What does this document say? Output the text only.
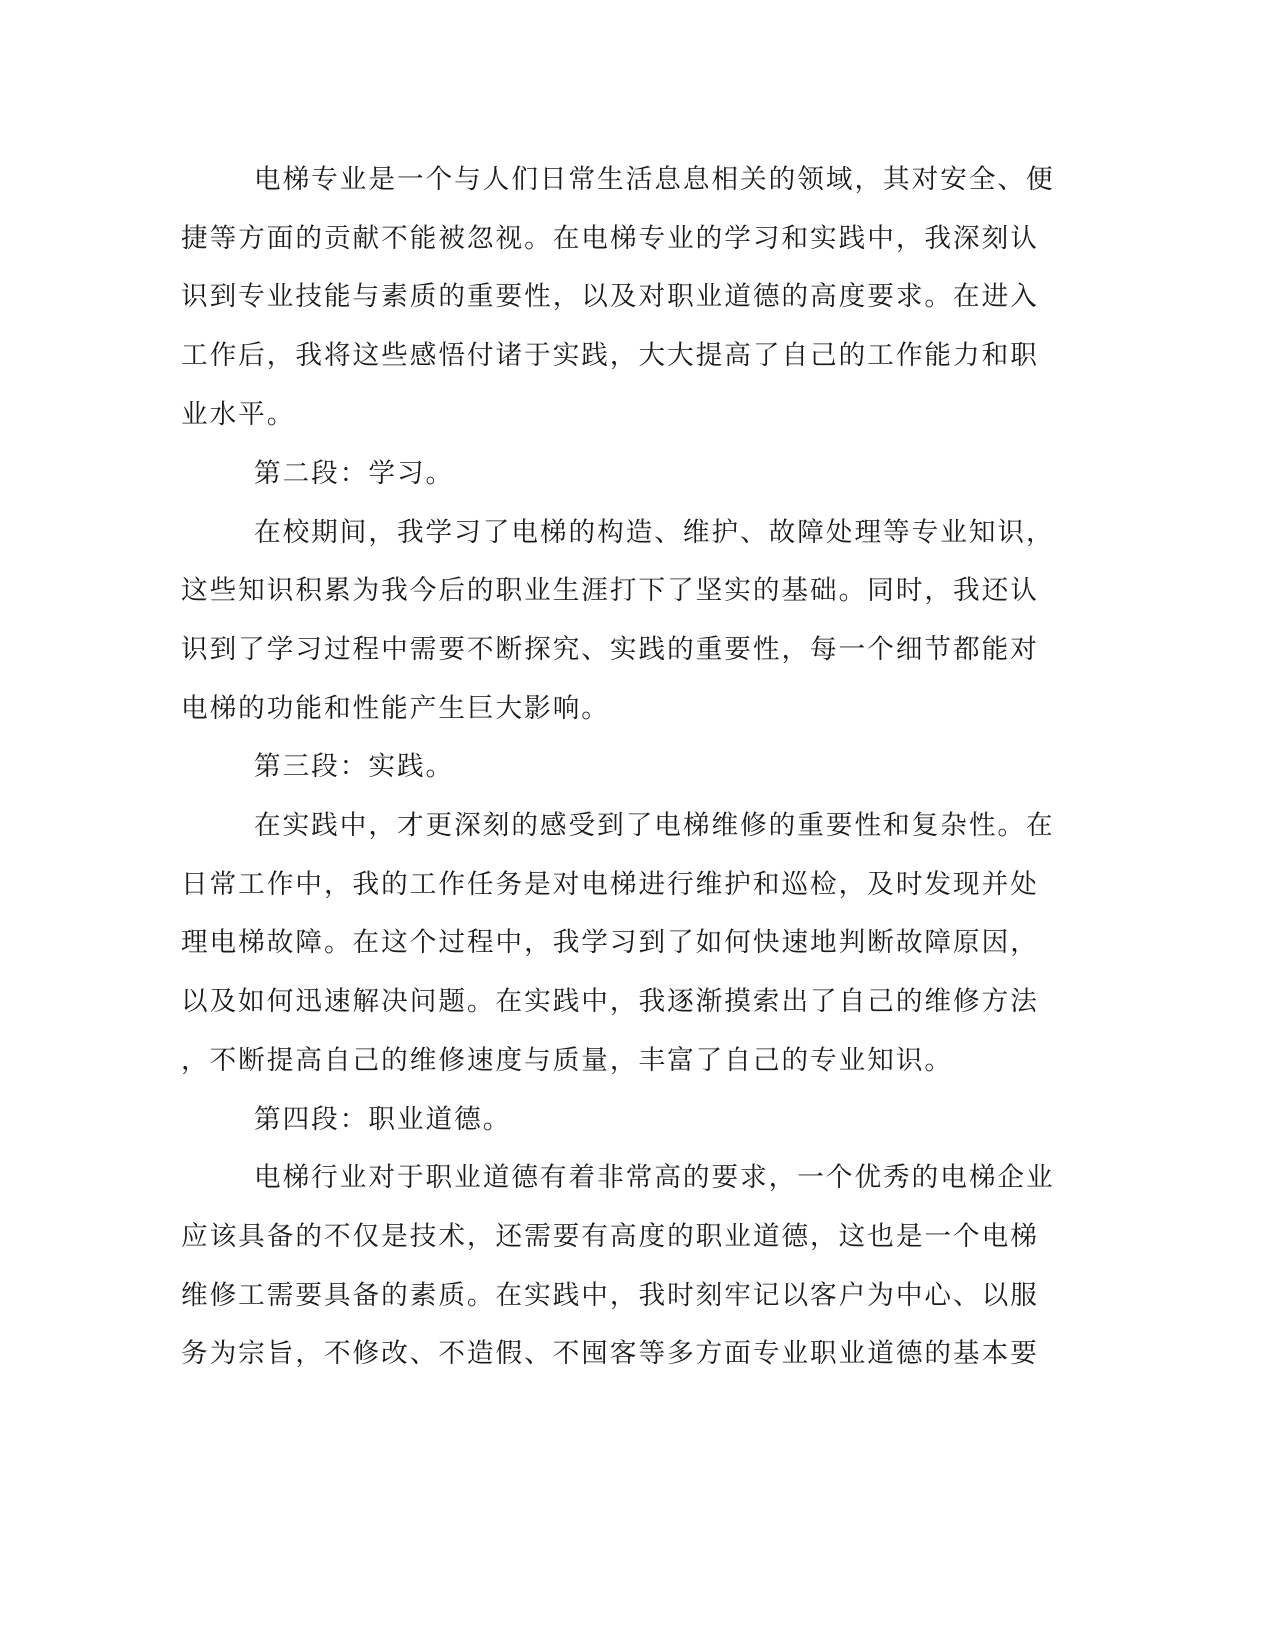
电梯专业是一个与人们日常生活息息相关的领域，其对安全、便
捷等方面的贡献不能被忽视。在电梯专业的学习和实践中，我深刻认
识到专业技能与素质的重要性，以及对职业道德的高度要求。在进入
工作后，我将这些感悟付诸于实践，大大提高了自己的工作能力和职
业水平。
第二段：学习。
在校期间，我学习了电梯的构造、维护、故障处理等专业知识，
这些知识积累为我今后的职业生涯打下了坚实的基础。同时，我还认
识到了学习过程中需要不断探究、实践的重要性，每一个细节都能对
电梯的功能和性能产生巨大影响。
第三段：实践。
在实践中，才更深刻的感受到了电梯维修的重要性和复杂性。在
日常工作中，我的工作任务是对电梯进行维护和巡检，及时发现并处
理电梯故障。在这个过程中，我学习到了如何快速地判断故障原因，
以及如何迅速解决问题。在实践中，我逐渐摸索出了自己的维修方法
，不断提高自己的维修速度与质量，丰富了自己的专业知识。
第四段：职业道德。
电梯行业对于职业道德有着非常高的要求，一个优秀的电梯企业
应该具备的不仅是技术，还需要有高度的职业道德，这也是一个电梯
维修工需要具备的素质。在实践中，我时刻牢记以客户为中心、以服
务为宗旨，不修改、不造假、不囤客等多方面专业职业道德的基本要
